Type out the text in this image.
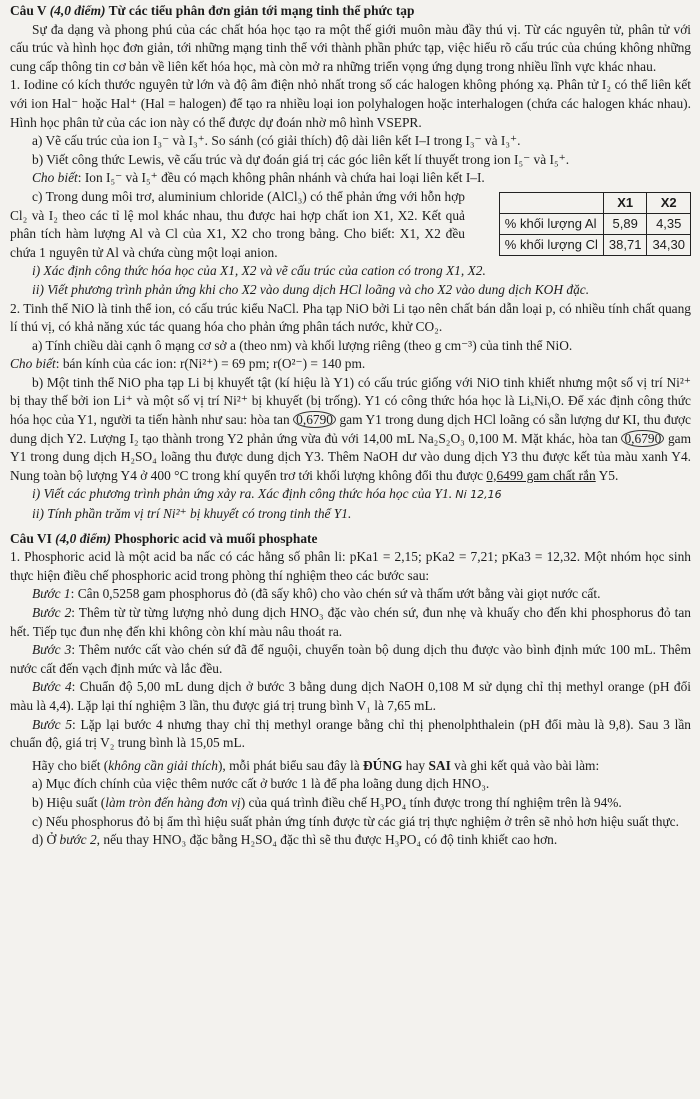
Câu V (4,0 điểm) Từ các tiểu phân đơn giản tới mạng tinh thể phức tạp

Sự đa dạng và phong phú của các chất hóa học tạo ra một thế giới muôn màu đầy thú vị. Từ các nguyên tử, phân tử với cấu trúc và hình học đơn giản, tới những mạng tinh thể với thành phần phức tạp, việc hiểu rõ cấu trúc của chúng không những cung cấp thông tin cơ bản về liên kết hóa học, mà còn mở ra những triển vọng ứng dụng trong nhiều lĩnh vực khác nhau.

1. Iodine có kích thước nguyên tử lớn và độ âm điện nhỏ nhất trong số các halogen không phóng xạ. Phân tử I₂ có thể liên kết với ion Hal⁻ hoặc Hal⁺ (Hal = halogen) để tạo ra nhiều loại ion polyhalogen hoặc interhalogen (chứa các halogen khác nhau). Hình học phân tử của các ion này có thể được dự đoán nhờ mô hình VSEPR.

a) Vẽ cấu trúc của ion I₃⁻ và I₃⁺. So sánh (có giải thích) độ dài liên kết I–I trong I₃⁻ và I₃⁺.

b) Viết công thức Lewis, vẽ cấu trúc và dự đoán giá trị các góc liên kết lí thuyết trong ion I₅⁻ và I₅⁺.

Cho biết: Ion I₅⁻ và I₅⁺ đều có mạch không phân nhánh và chứa hai loại liên kết I–I.

	X1	X2
% khối lượng Al	5,89	4,35
% khối lượng Cl	38,71	34,30

c) Trong dung môi trơ, aluminium chloride (AlCl₃) có thể phản ứng với hỗn hợp Cl₂ và I₂ theo các tỉ lệ mol khác nhau, thu được hai hợp chất ion X1, X2. Kết quả phân tích hàm lượng Al và Cl của X1, X2 cho trong bảng. Cho biết: X1, X2 đều chứa 1 nguyên tử Al và chứa cùng một loại anion.

i) Xác định công thức hóa học của X1, X2 và vẽ cấu trúc của cation có trong X1, X2.

ii) Viết phương trình phản ứng khi cho X2 vào dung dịch HCl loãng và cho X2 vào dung dịch KOH đặc.

2. Tinh thể NiO là tinh thể ion, có cấu trúc kiểu NaCl. Pha tạp NiO bởi Li tạo nên chất bán dẫn loại p, có nhiều tính chất quang lí thú vị, có khả năng xúc tác quang hóa cho phản ứng phân tách nước, khử CO₂.

a) Tính chiều dài cạnh ô mạng cơ sở a (theo nm) và khối lượng riêng (theo g cm⁻³) của tinh thể NiO.

Cho biết: bán kính của các ion: r(Ni²⁺) = 69 pm; r(O²⁻) = 140 pm.

b) Một tinh thể NiO pha tạp Li bị khuyết tật (kí hiệu là Y1) có cấu trúc giống với NiO tinh khiết nhưng một số vị trí Ni²⁺ bị thay thế bởi ion Li⁺ và một số vị trí Ni²⁺ bị khuyết (bị trống). Y1 có công thức hóa học là LiₓNiᵧO. Để xác định công thức hóa học của Y1, người ta tiến hành như sau: hòa tan 0,6790 gam Y1 trong dung dịch HCl loãng có sẵn lượng dư KI, thu được dung dịch Y2. Lượng I₂ tạo thành trong Y2 phản ứng vừa đủ với 14,00 mL Na₂S₂O₃ 0,100 M. Mặt khác, hòa tan 0,6790 gam Y1 trong dung dịch H₂SO₄ loãng thu được dung dịch Y3. Thêm NaOH dư vào dung dịch Y3 thu được kết tủa màu xanh Y4. Nung toàn bộ lượng Y4 ở 400 °C trong khí quyển trơ tới khối lượng không đổi thu được 0,6499 gam chất rắn Y5.

i) Viết các phương trình phản ứng xảy ra. Xác định công thức hóa học của Y1. Ni 12,16

ii) Tính phần trăm vị trí Ni²⁺ bị khuyết có trong tinh thể Y1.

Câu VI (4,0 điểm) Phosphoric acid và muối phosphate

1. Phosphoric acid là một acid ba nấc có các hằng số phân li: pKa1 = 2,15; pKa2 = 7,21; pKa3 = 12,32. Một nhóm học sinh thực hiện điều chế phosphoric acid trong phòng thí nghiệm theo các bước sau:

Bước 1: Cân 0,5258 gam phosphorus đỏ (đã sấy khô) cho vào chén sứ và thấm ướt bằng vài giọt nước cất.

Bước 2: Thêm từ từ từng lượng nhỏ dung dịch HNO₃ đặc vào chén sứ, đun nhẹ và khuấy cho đến khi phosphorus đỏ tan hết. Tiếp tục đun nhẹ đến khi không còn khí màu nâu thoát ra.

Bước 3: Thêm nước cất vào chén sứ đã để nguội, chuyển toàn bộ dung dịch thu được vào bình định mức 100 mL. Thêm nước cất đến vạch định mức và lắc đều.

Bước 4: Chuẩn độ 5,00 mL dung dịch ở bước 3 bằng dung dịch NaOH 0,108 M sử dụng chỉ thị methyl orange (pH đổi màu là 4,4). Lặp lại thí nghiệm 3 lần, thu được giá trị trung bình V₁ là 7,65 mL.

Bước 5: Lặp lại bước 4 nhưng thay chỉ thị methyl orange bằng chỉ thị phenolphthalein (pH đổi màu là 9,8). Sau 3 lần chuẩn độ, giá trị V₂ trung bình là 15,05 mL.

Hãy cho biết (không cần giải thích), mỗi phát biểu sau đây là ĐÚNG hay SAI và ghi kết quả vào bài làm:

a) Mục đích chính của việc thêm nước cất ở bước 1 là để pha loãng dung dịch HNO₃.

b) Hiệu suất (làm tròn đến hàng đơn vị) của quá trình điều chế H₃PO₄ tính được trong thí nghiệm trên là 94%.

c) Nếu phosphorus đỏ bị ẩm thì hiệu suất phản ứng tính được từ các giá trị thực nghiệm ở trên sẽ nhỏ hơn hiệu suất thực.

d) Ở bước 2, nếu thay HNO₃ đặc bằng H₂SO₄ đặc thì sẽ thu được H₃PO₄ có độ tinh khiết cao hơn.
